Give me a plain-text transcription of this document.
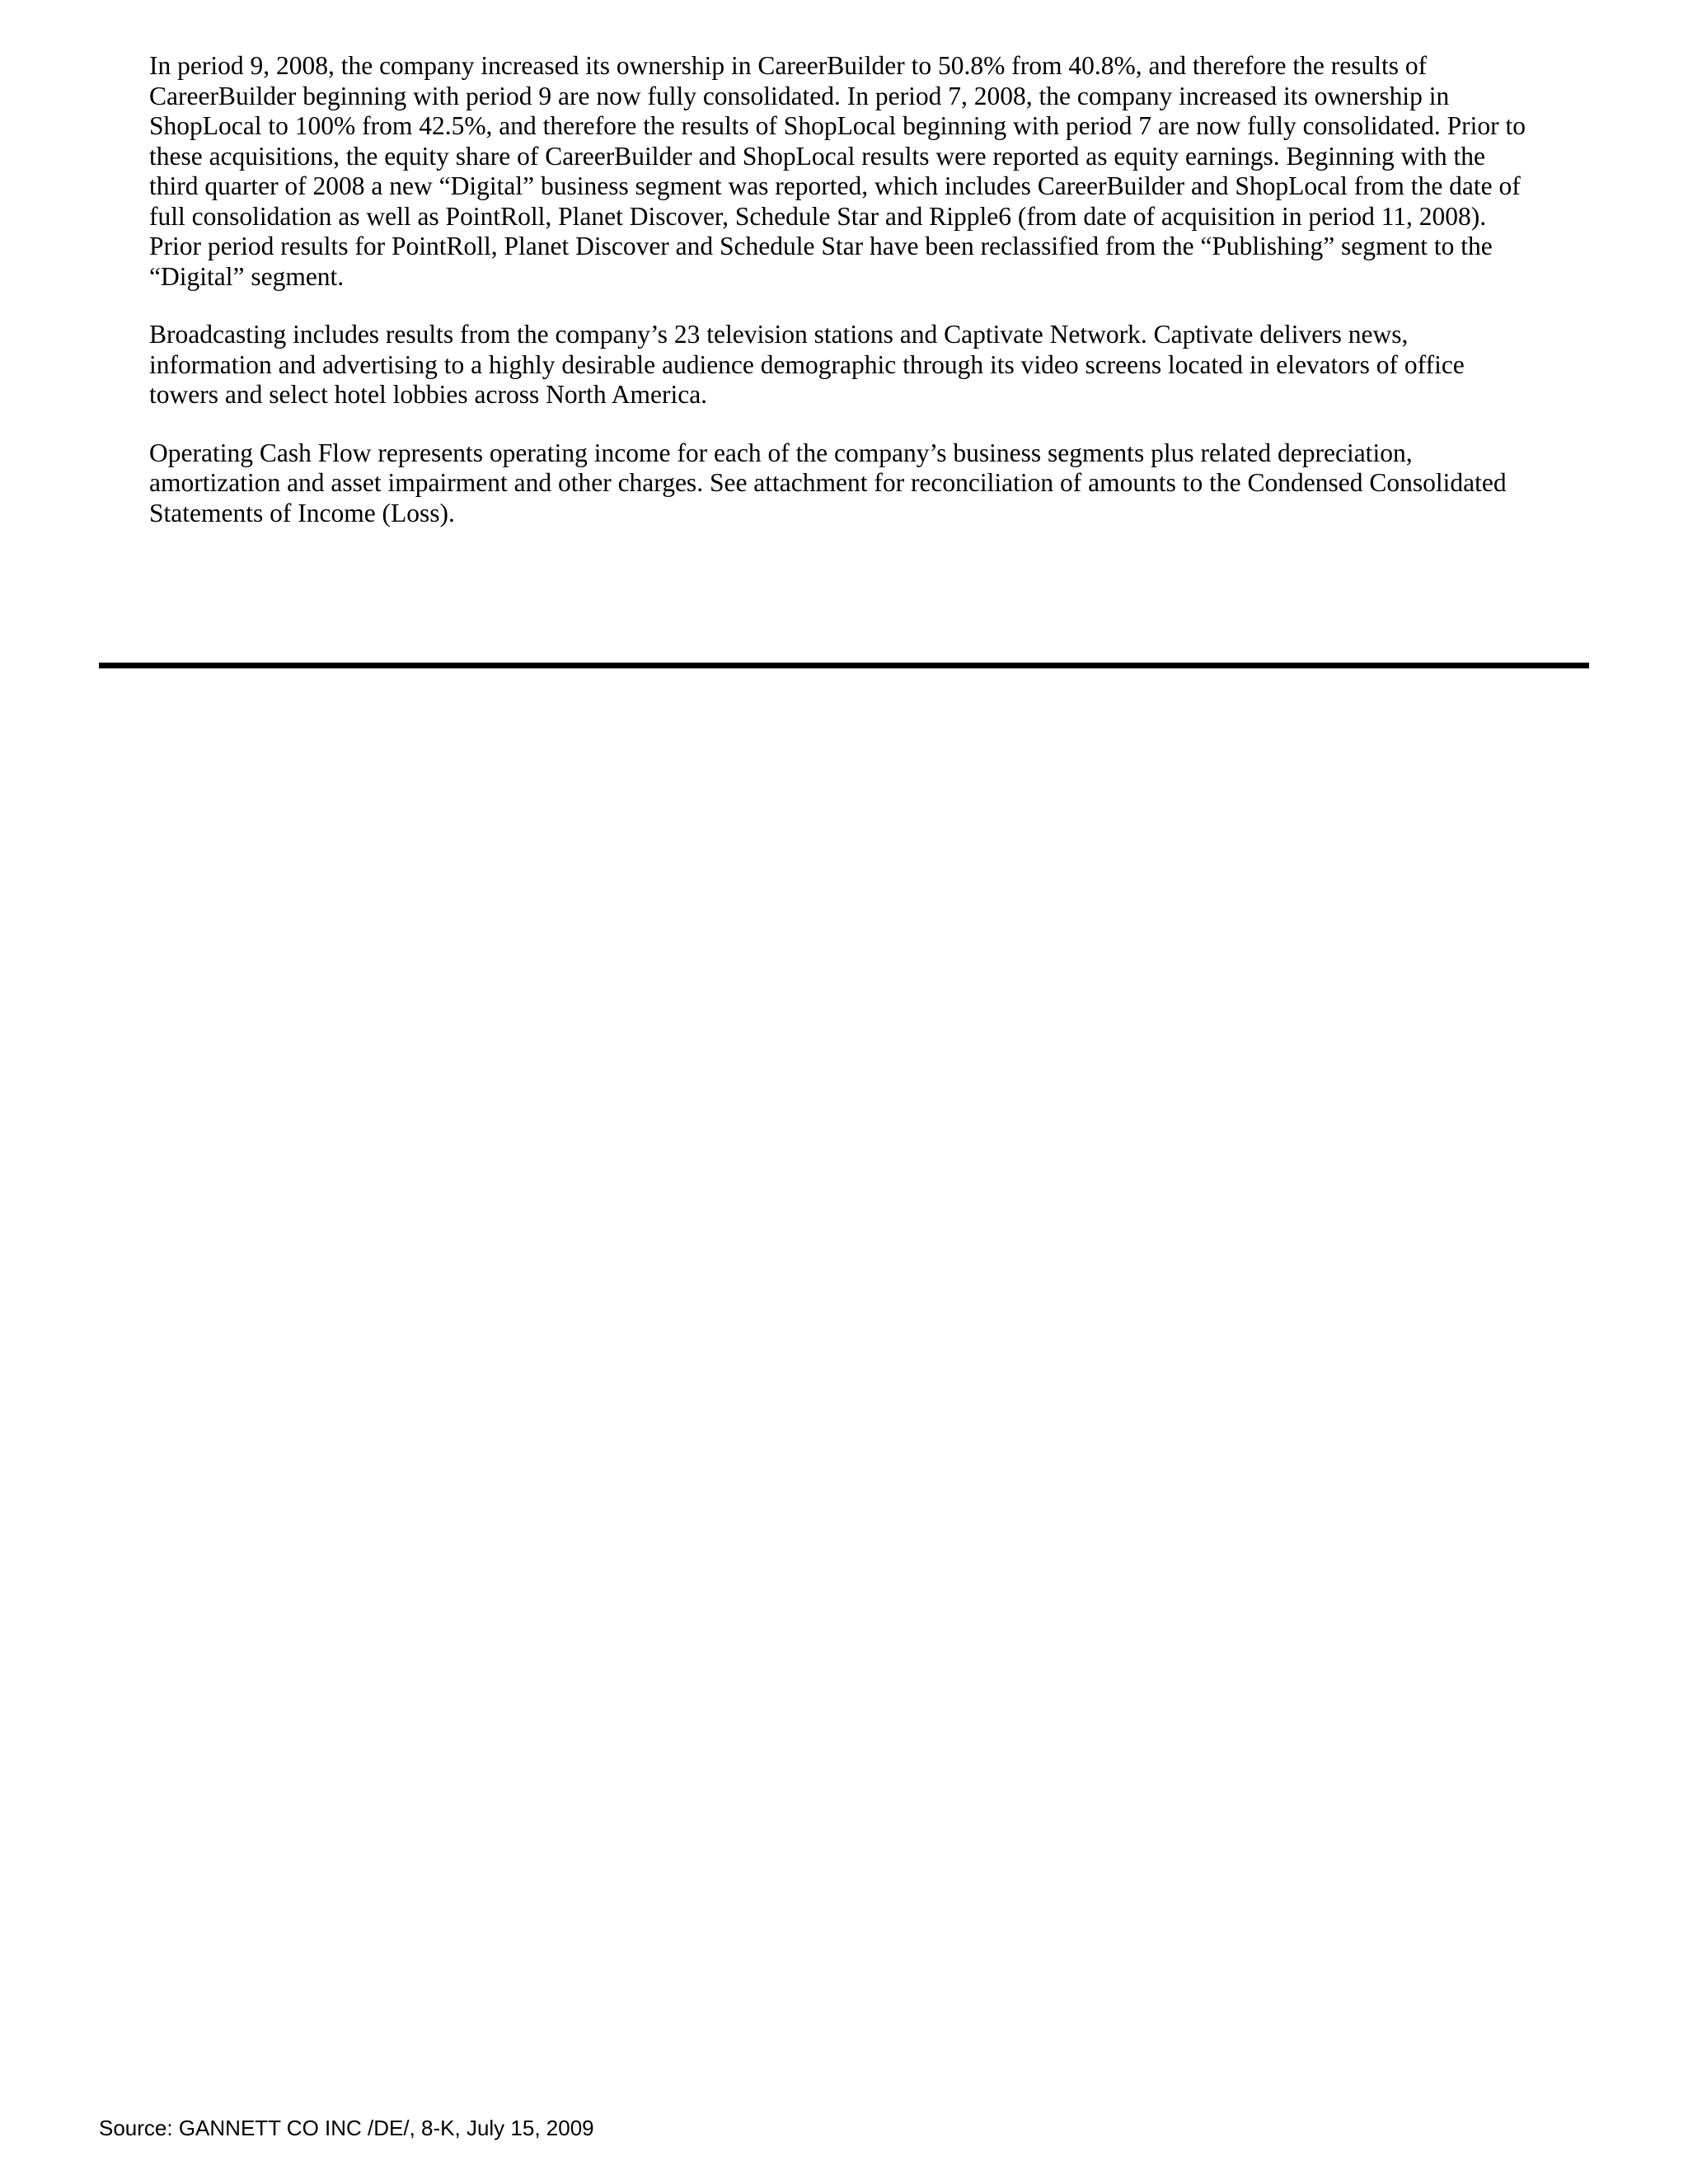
In period 9, 2008, the company increased its ownership in CareerBuilder to 50.8% from 40.8%, and therefore the results of CareerBuilder beginning with period 9 are now fully consolidated. In period 7, 2008, the company increased its ownership in ShopLocal to 100% from 42.5%, and therefore the results of ShopLocal beginning with period 7 are now fully consolidated. Prior to these acquisitions, the equity share of CareerBuilder and ShopLocal results were reported as equity earnings. Beginning with the third quarter of 2008 a new “Digital” business segment was reported, which includes CareerBuilder and ShopLocal from the date of full consolidation as well as PointRoll, Planet Discover, Schedule Star and Ripple6 (from date of acquisition in period 11, 2008). Prior period results for PointRoll, Planet Discover and Schedule Star have been reclassified from the “Publishing” segment to the “Digital” segment.

Broadcasting includes results from the company’s 23 television stations and Captivate Network. Captivate delivers news, information and advertising to a highly desirable audience demographic through its video screens located in elevators of office towers and select hotel lobbies across North America.

Operating Cash Flow represents operating income for each of the company’s business segments plus related depreciation, amortization and asset impairment and other charges. See attachment for reconciliation of amounts to the Condensed Consolidated Statements of Income (Loss).

Source: GANNETT CO INC /DE/, 8-K, July 15, 2009
